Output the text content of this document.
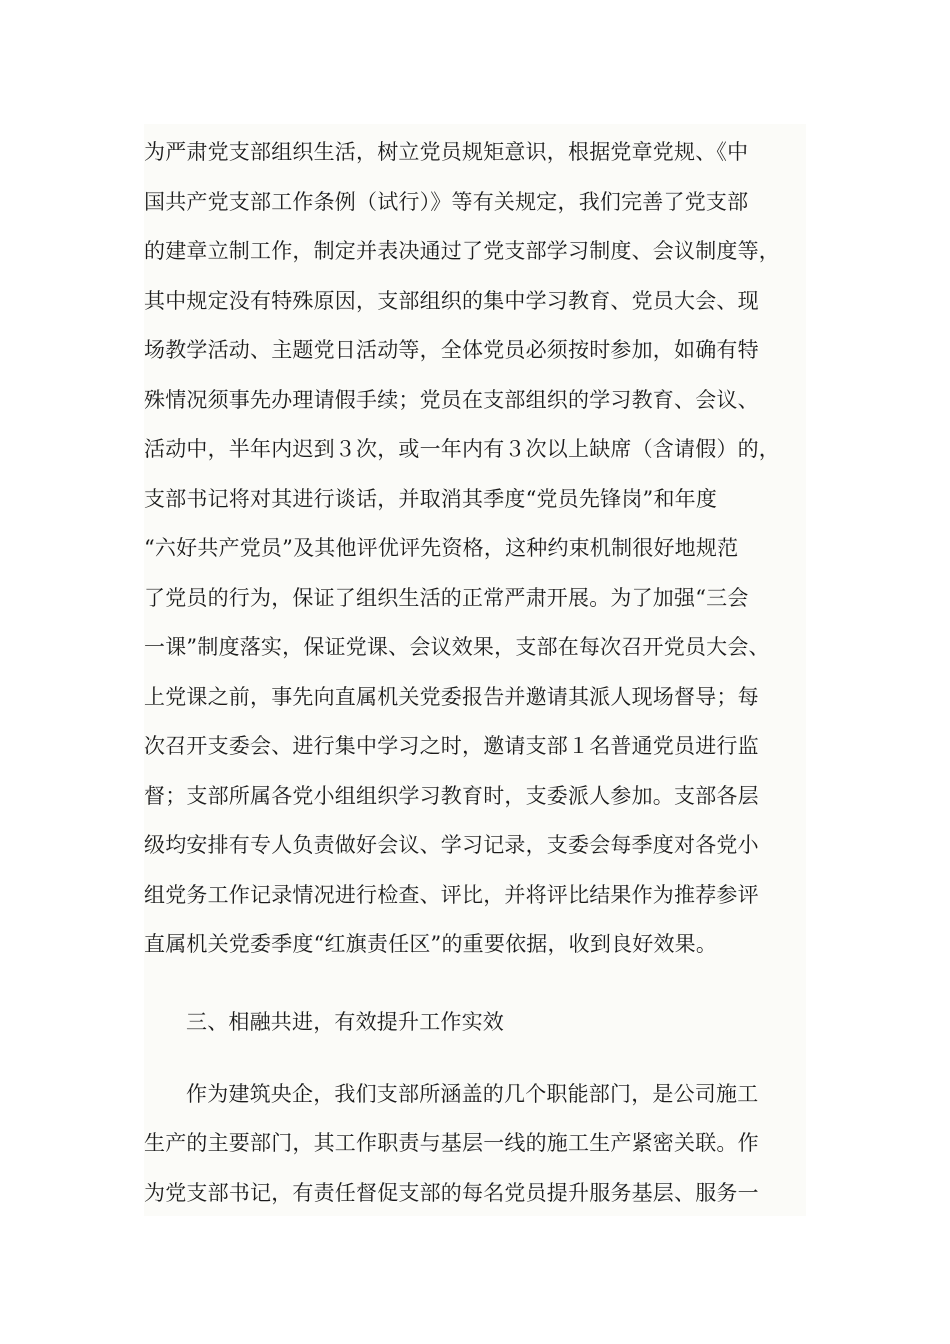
为严肃党支部组织生活，树立党员规矩意识，根据党章党规、《中
国共产党支部工作条例（试行）》等有关规定，我们完善了党支部
的建章立制工作，制定并表决通过了党支部学习制度、会议制度等，
其中规定没有特殊原因，支部组织的集中学习教育、党员大会、现
场教学活动、主题党日活动等，全体党员必须按时参加，如确有特
殊情况须事先办理请假手续；党员在支部组织的学习教育、会议、
活动中，半年内迟到３次，或一年内有３次以上缺席（含请假）的，
支部书记将对其进行谈话，并取消其季度“党员先锋岗”和年度
“六好共产党员”及其他评优评先资格，这种约束机制很好地规范
了党员的行为，保证了组织生活的正常严肃开展。为了加强“三会
一课”制度落实，保证党课、会议效果，支部在每次召开党员大会、
上党课之前，事先向直属机关党委报告并邀请其派人现场督导；每
次召开支委会、进行集中学习之时，邀请支部１名普通党员进行监
督；支部所属各党小组组织学习教育时，支委派人参加。支部各层
级均安排有专人负责做好会议、学习记录，支委会每季度对各党小
组党务工作记录情况进行检查、评比，并将评比结果作为推荐参评
直属机关党委季度“红旗责任区”的重要依据，收到良好效果。
三、相融共进，有效提升工作实效
作为建筑央企，我们支部所涵盖的几个职能部门，是公司施工
生产的主要部门，其工作职责与基层一线的施工生产紧密关联。作
为党支部书记，有责任督促支部的每名党员提升服务基层、服务一
